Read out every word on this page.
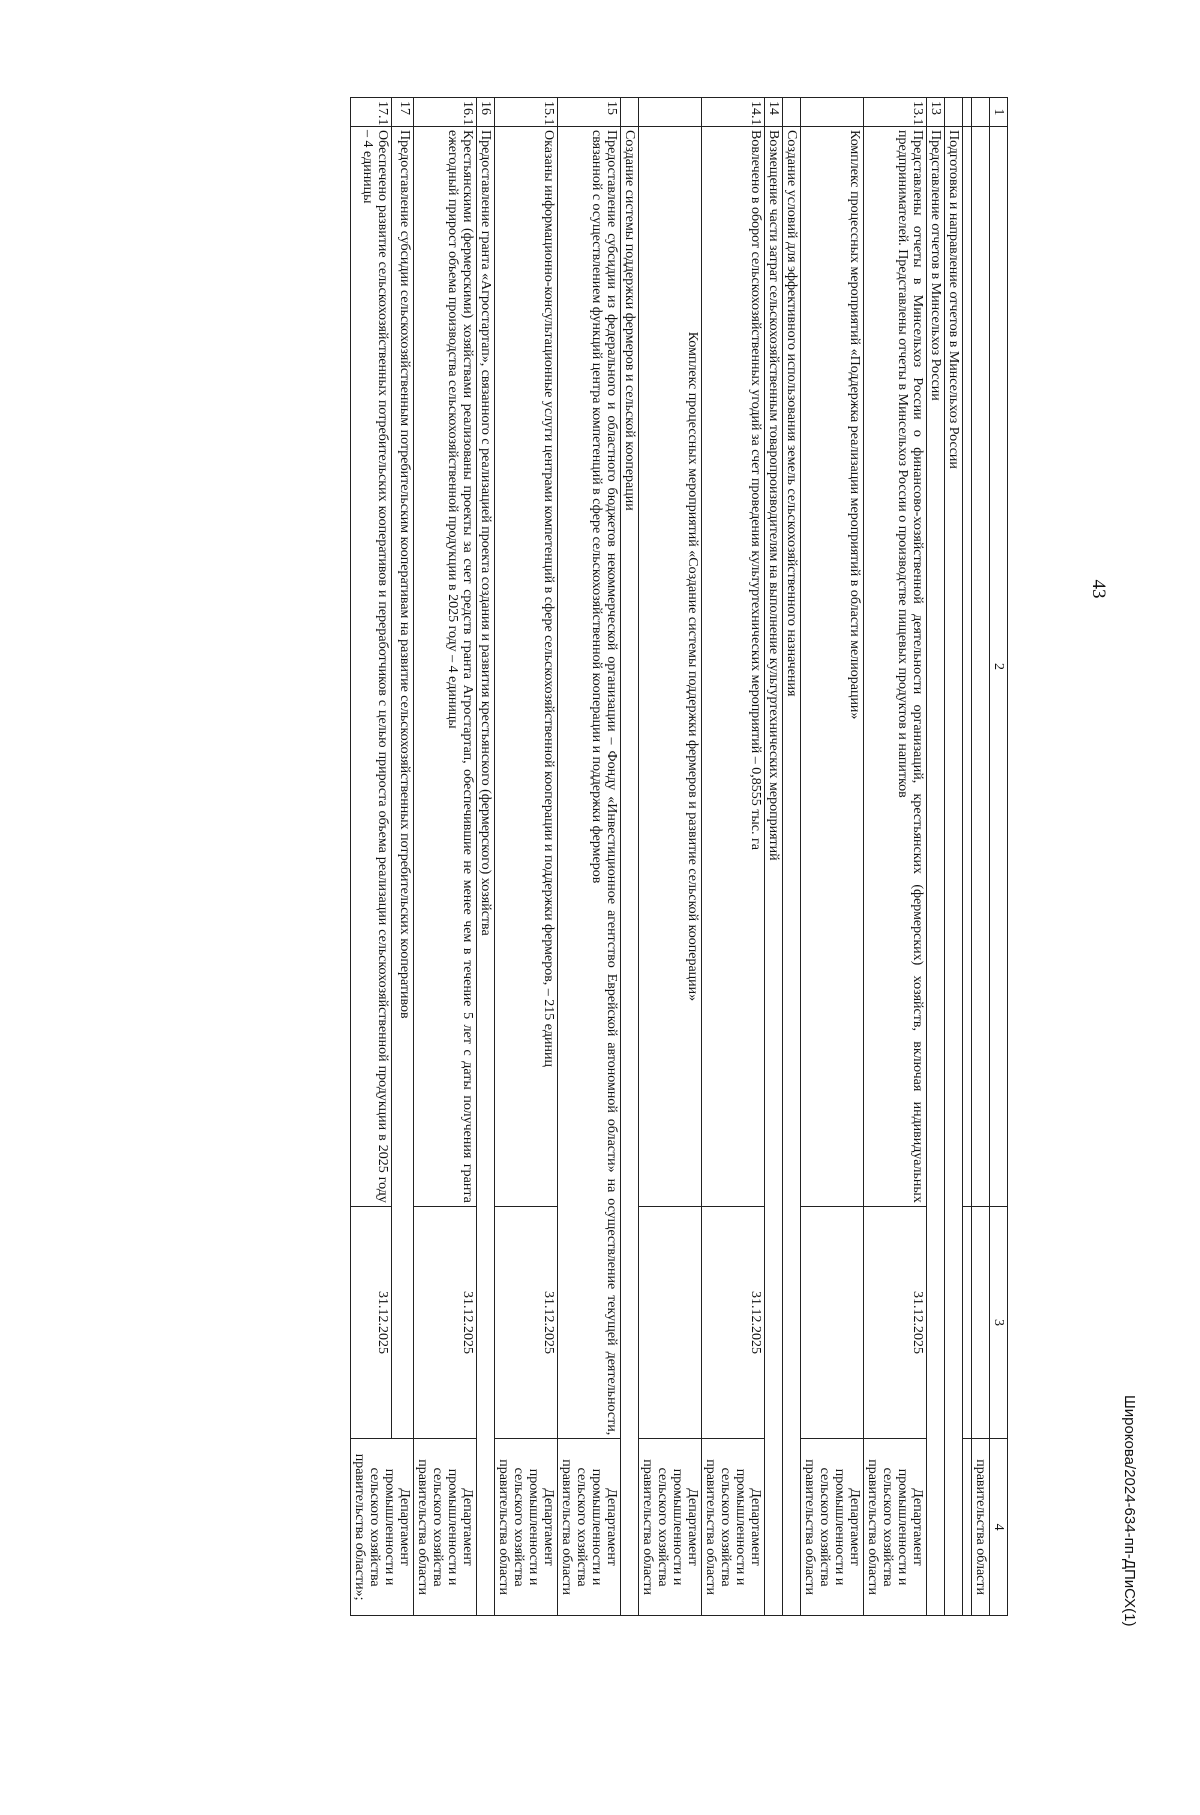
43
1	2	3	4
			правительства области

	Подготовка и направление отчетов в Минсельхоз России		
13	Представление отчетов в Минсельхоз России		
13.1	Представлены отчеты в Минсельхоз России о финансово-хозяйственной деятельности организаций, крестьянских (фермерских) хозяйств, включая индивидуальных предпринимателей. Представлены отчеты в Минсельхоз России о производстве пищевых продуктов и напитков	31.12.2025	Департамент промышленности и сельского хозяйства правительства области
	Комплекс процессных мероприятий «Поддержка реализации мероприятий в области мелиорации»		Департамент промышленности и сельского хозяйства правительства области
	Создание условий для эффективного использования земель сельскохозяйственного назначения		
14	Возмещение части затрат сельскохозяйственным товаропроизводителям на выполнение культуртехнических мероприятий		
14.1	Вовлечено в оборот сельскохозяйственных угодий за счет проведения культуртехнических мероприятий – 0,8555 тыс. га	31.12.2025	Департамент промышленности и сельского хозяйства правительства области
	Комплекс процессных мероприятий «Создание системы поддержки фермеров и развитие сельской кооперации»		Департамент промышленности и сельского хозяйства правительства области
	Создание системы поддержки фермеров и сельской кооперации		
15	Предоставление субсидии из федерального и областного бюджетов некоммерческой организации – Фонду «Инвестиционное агентство Еврейской автономной области» на осуществление текущей деятельности, связанной с осуществлением функций центра компетенций в сфере сельскохозяйственной кооперации и поддержки фермеров		Департамент промышленности и сельского хозяйства правительства области
15.1	Оказаны информационно-консультационные услуги центрами компетенций в сфере сельскохозяйственной кооперации и поддержки фермеров, – 215 единиц	31.12.2025	Департамент промышленности и сельского хозяйства правительства области
16	Предоставление гранта «Агростартап», связанного с реализацией проекта создания и развития крестьянского (фермерского) хозяйства		
16.1	Крестьянскими (фермерскими) хозяйствами реализованы проекты за счет средств гранта Агростартап, обеспечившие не менее чем в течение 5 лет с даты получения гранта ежегодный прирост объема производства сельскохозяйственной продукции в 2025 году – 4 единицы	31.12.2025	Департамент промышленности и сельского хозяйства правительства области
17	Предоставление субсидии сельскохозяйственным потребительским кооперативам на развитие сельскохозяйственных потребительских кооперативов		Департамент промышленности и сельского хозяйства правительства области»;
17.1	Обеспечено развитие сельскохозяйственных потребительских кооперативов и переработчиков с целью прироста объема реализации сельскохозяйственной продукции в 2025 году – 4 единицы	31.12.2025	
Широкова/2024-634-пп-ДПиСХ(1)
